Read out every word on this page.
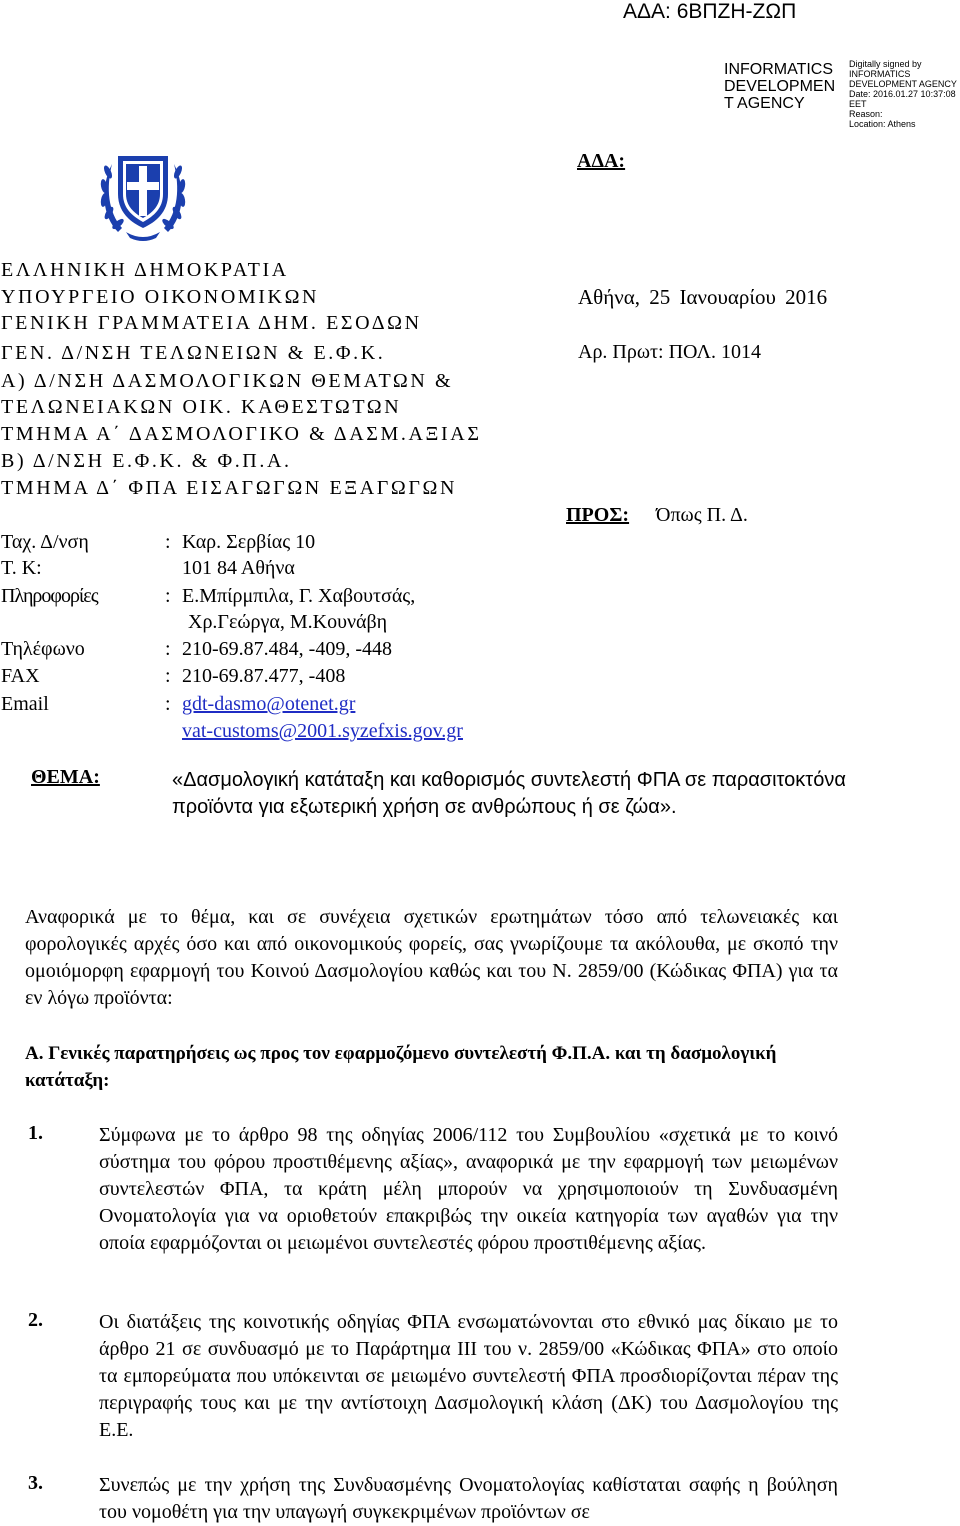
ΑΔΑ: 6ΒΠΖΗ-ΖΩΠ
INFORMATICS DEVELOPMEN T AGENCY
Digitally signed by
INFORMATICS
DEVELOPMENT AGENCY
Date: 2016.01.27 10:37:08
EET
Reason:
Location: Athens
ΑΔΑ:
ΕΛΛΗΝΙΚΗ ΔΗΜΟΚΡΑΤΙΑ
ΥΠΟΥΡΓΕΙΟ ΟΙΚΟΝΟΜΙΚΩΝ
ΓΕΝΙΚΗ ΓΡΑΜΜΑΤΕΙΑ ΔΗΜ. ΕΣΟΔΩΝ
ΓΕΝ. Δ/ΝΣΗ ΤΕΛΩΝΕΙΩΝ & Ε.Φ.Κ.
Α) Δ/ΝΣΗ ΔΑΣΜΟΛΟΓΙΚΩΝ ΘΕΜΑΤΩΝ &
ΤΕΛΩΝΕΙΑΚΩΝ ΟΙΚ. ΚΑΘΕΣΤΩΤΩΝ
ΤΜΗΜΑ Α΄ ΔΑΣΜΟΛΟΓΙΚΟ & ΔΑΣΜ.ΑΞΙΑΣ
Β) Δ/ΝΣΗ Ε.Φ.Κ. & Φ.Π.Α.
ΤΜΗΜΑ Δ΄ ΦΠΑ ΕΙΣΑΓΩΓΩΝ ΕΞΑΓΩΓΩΝ
Αθήνα, 25 Ιανουαρίου 2016
Αρ. Πρωτ: ΠΟΛ. 1014
ΠΡΟΣ: Όπως Π. Δ.
Ταχ. Δ/νση	: Καρ. Σερβίας 10
Τ. Κ:	101 84 Αθήνα
Πληροφορίες	: Ε.Μπίρμπιλα, Γ. Χαβουτσάς,
Χρ.Γεώργα, Μ.Κουνάβη
Τηλέφωνο	: 210-69.87.484, -409, -448
FAX	: 210-69.87.477, -408
Email	: gdt-dasmo@otenet.gr
vat-customs@2001.syzefxis.gov.gr
ΘΕΜΑ:	«Δασμολογική κατάταξη και καθορισμός συντελεστή ΦΠΑ σε παρασιτοκτόνα προϊόντα για εξωτερική χρήση σε ανθρώπους ή σε ζώα».
Αναφορικά με το θέμα, και σε συνέχεια σχετικών ερωτημάτων τόσο από τελωνειακές και φορολογικές αρχές όσο και από οικονομικούς φορείς, σας γνωρίζουμε τα ακόλουθα, με σκοπό την ομοιόμορφη εφαρμογή του Κοινού Δασμολογίου καθώς και του Ν. 2859/00 (Κώδικας ΦΠΑ) για τα εν λόγω προϊόντα:
Α. Γενικές παρατηρήσεις ως προς τον εφαρμοζόμενο συντελεστή Φ.Π.Α. και τη δασμολογική κατάταξη:
1.	Σύμφωνα με το άρθρο 98 της οδηγίας 2006/112 του Συμβουλίου «σχετικά με το κοινό σύστημα του φόρου προστιθέμενης αξίας», αναφορικά με την εφαρμογή των μειωμένων συντελεστών ΦΠΑ, τα κράτη μέλη μπορούν να χρησιμοποιούν τη Συνδυασμένη Ονοματολογία για να οριοθετούν επακριβώς την οικεία κατηγορία των αγαθών για την οποία εφαρμόζονται οι μειωμένοι συντελεστές φόρου προστιθέμενης αξίας.
2.	Οι διατάξεις της κοινοτικής οδηγίας ΦΠΑ ενσωματώνονται στο εθνικό μας δίκαιο με το άρθρο 21 σε συνδυασμό με το Παράρτημα ΙΙΙ του ν. 2859/00 «Κώδικας ΦΠΑ» στο οποίο τα εμπορεύματα που υπόκεινται σε μειωμένο συντελεστή ΦΠΑ προσδιορίζονται πέραν της περιγραφής τους και με την αντίστοιχη Δασμολογική κλάση (ΔΚ) του Δασμολογίου της Ε.Ε.
3.	Συνεπώς με την χρήση της Συνδυασμένης Ονοματολογίας καθίσταται σαφής η βούληση του νομοθέτη για την υπαγωγή συγκεκριμένων προϊόντων σε
